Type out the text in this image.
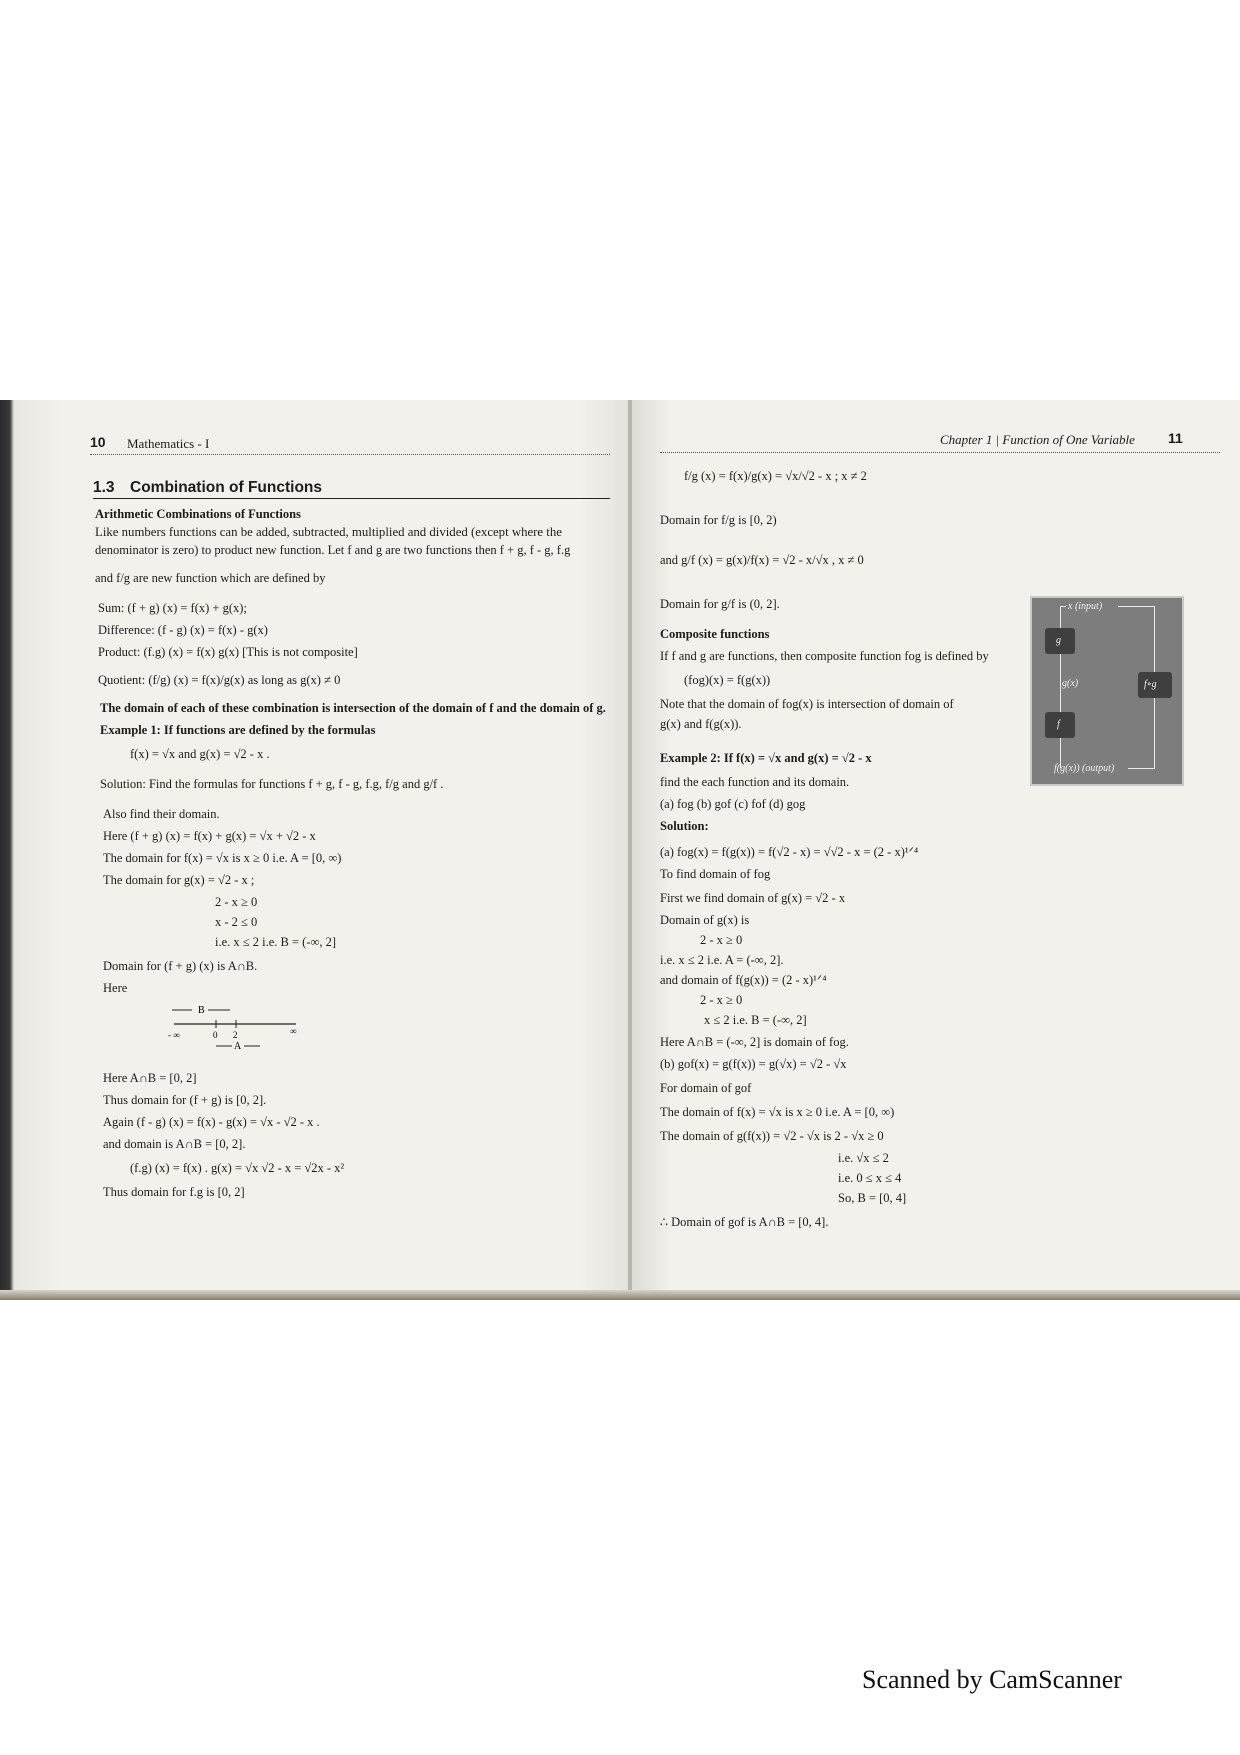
10 Mathematics - I
1.3 Combination of Functions
Arithmetic Combinations of Functions
Like numbers functions can be added, subtracted, multiplied and divided (except where the
denominator is zero) to product new function. Let f and g are two functions then f + g, f - g, f.g
and f/g are new function which are defined by
Sum: (f + g) (x) = f(x) + g(x);
Difference: (f - g) (x) = f(x) - g(x)
Product: (f.g) (x) = f(x) g(x) [This is not composite]
Quotient: (f/g) (x) = f(x)/g(x) as long as g(x) ≠ 0
The domain of each of these combination is intersection of the domain of f and the domain of g.
Example 1: If functions are defined by the formulas
f(x) = √x and g(x) = √2 - x .
Solution: Find the formulas for functions f + g, f - g, f.g, f/g and g/f .
Also find their domain.
Here (f + g) (x) = f(x) + g(x) = √x + √2 - x
The domain for f(x) = √x is x ≥ 0 i.e. A = [0, ∞)
The domain for g(x) = √2 - x ;
2 - x ≥ 0
x - 2 ≤ 0
i.e. x ≤ 2 i.e. B = (-∞, 2]
Domain for (f + g) (x) is A∩B.
Here
B
- ∞	0 2	∞
A
Here A∩B = [0, 2]
Thus domain for (f + g) is [0, 2].
Again (f - g) (x) = f(x) - g(x) = √x - √2 - x .
and domain is A∩B = [0, 2].
(f.g) (x) = f(x) . g(x) = √x √2 - x = √2x - x²
Thus domain for f.g is [0, 2]
Chapter 1 | Function of One Variable 11
f/g (x) = f(x)/g(x) = √x/√2 - x ; x ≠ 2
Domain for f/g is [0, 2)
and g/f (x) = g(x)/f(x) = √2 - x/√x , x ≠ 0
Domain for g/f is (0, 2].
Composite functions
If f and g are functions, then composite function fog is defined by
(fog)(x) = f(g(x))
Note that the domain of fog(x) is intersection of domain of
g(x) and f(g(x)).
Example 2: If f(x) = √x and g(x) = √2 - x
find the each function and its domain.
(a) fog (b) gof (c) fof (d) gog
Solution:
(a) fog(x) = f(g(x)) = f(√2 - x) = √√2 - x = (2 - x)¹ᐟ⁴
To find domain of fog
First we find domain of g(x) = √2 - x
Domain of g(x) is
2 - x ≥ 0
i.e. x ≤ 2 i.e. A = (-∞, 2].
and domain of f(g(x)) = (2 - x)¹ᐟ⁴
2 - x ≥ 0
x ≤ 2 i.e. B = (-∞, 2]
Here A∩B = (-∞, 2] is domain of fog.
(b) gof(x) = g(f(x)) = g(√x) = √2 - √x
For domain of gof
The domain of f(x) = √x is x ≥ 0 i.e. A = [0, ∞)
The domain of g(f(x)) = √2 - √x is 2 - √x ≥ 0
i.e. √x ≤ 2
i.e. 0 ≤ x ≤ 4
So, B = [0, 4]
∴ Domain of gof is A∩B = [0, 4].
x (input)
g
g(x)	f∘g
f
f(g(x)) (output)
Scanned by CamScanner
